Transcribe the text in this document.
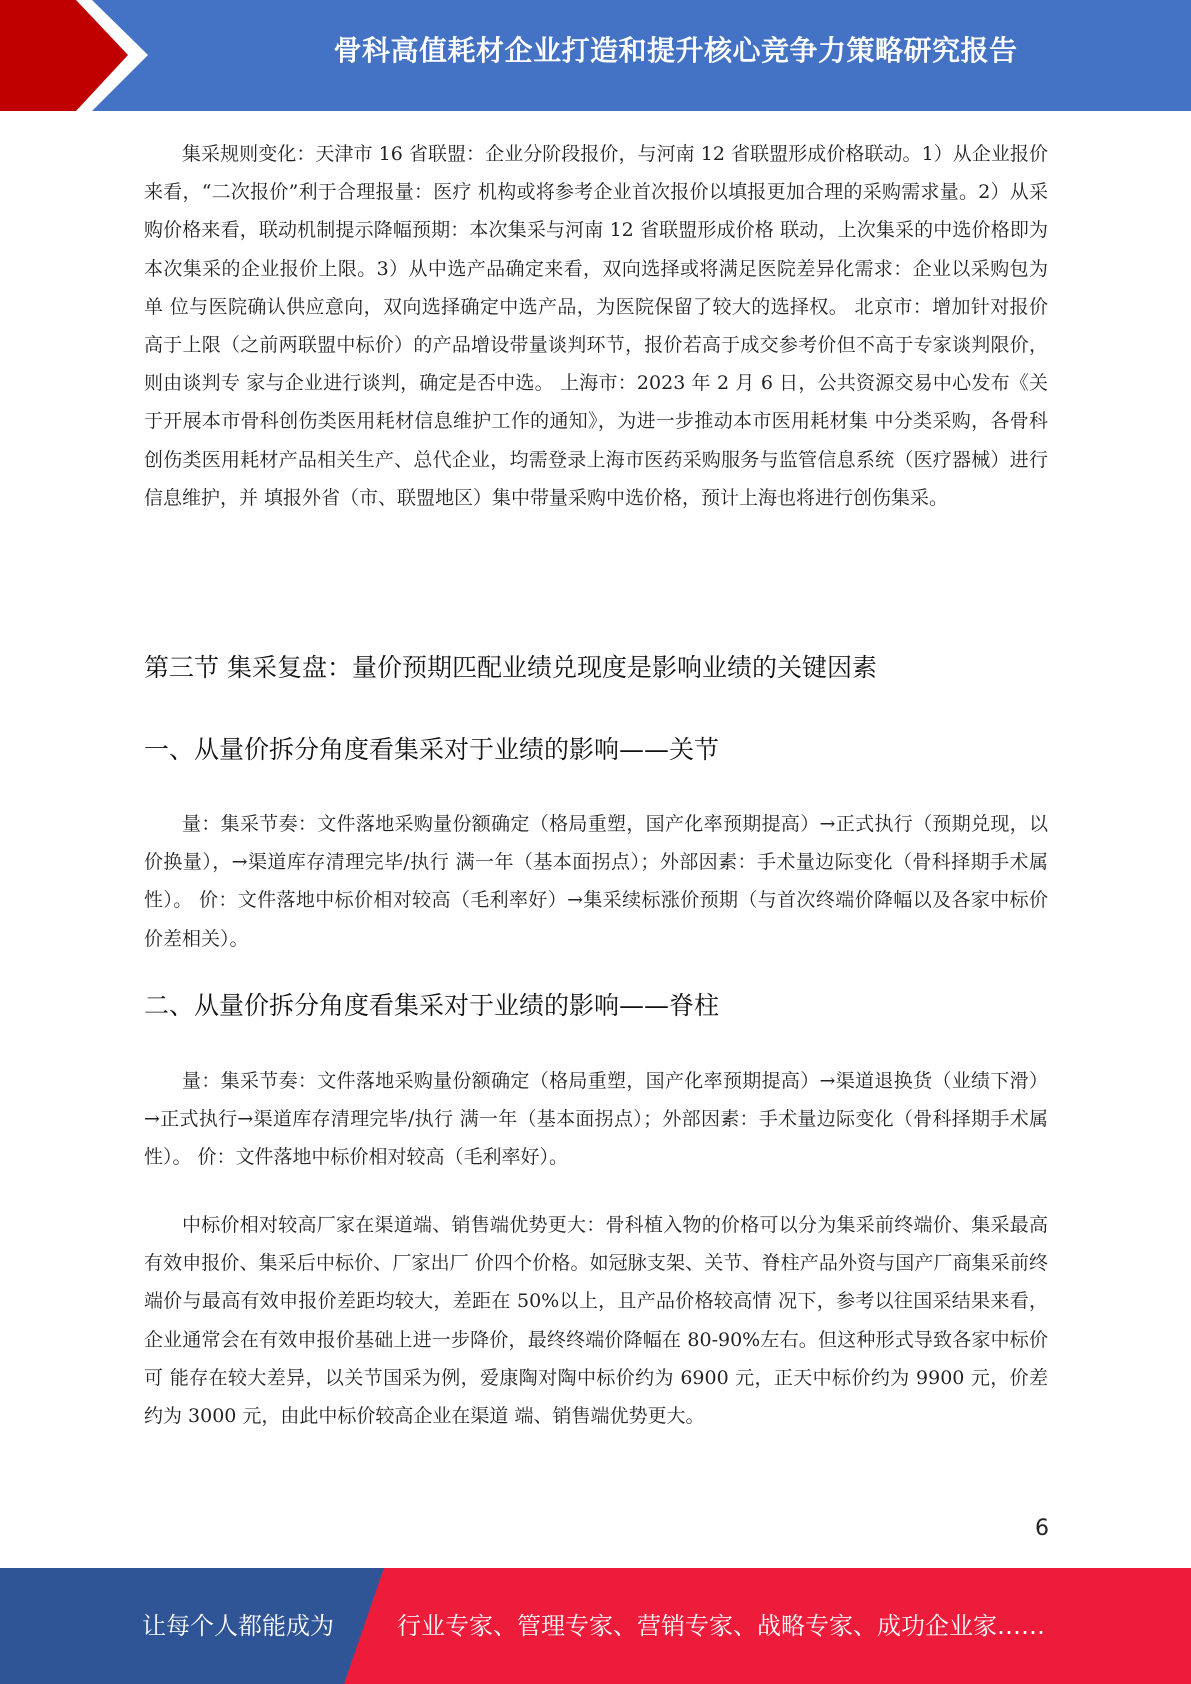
骨科高值耗材企业打造和提升核心竞争力策略研究报告

集采规则变化：天津市 16 省联盟：企业分阶段报价，与河南 12 省联盟形成价格联动。1）从企业报价来看，“二次报价”利于合理报量：医疗 机构或将参考企业首次报价以填报更加合理的采购需求量。2）从采购价格来看，联动机制提示降幅预期：本次集采与河南 12 省联盟形成价格 联动，上次集采的中选价格即为本次集采的企业报价上限。3）从中选产品确定来看，双向选择或将满足医院差异化需求：企业以采购包为单 位与医院确认供应意向，双向选择确定中选产品，为医院保留了较大的选择权。 北京市：增加针对报价高于上限（之前两联盟中标价）的产品增设带量谈判环节，报价若高于成交参考价但不高于专家谈判限价，则由谈判专 家与企业进行谈判，确定是否中选。 上海市：2023 年 2 月 6 日，公共资源交易中心发布《关于开展本市骨科创伤类医用耗材信息维护工作的通知》，为进一步推动本市医用耗材集 中分类采购，各骨科创伤类医用耗材产品相关生产、总代企业，均需登录上海市医药采购服务与监管信息系统（医疗器械）进行信息维护，并 填报外省（市、联盟地区）集中带量采购中选价格，预计上海也将进行创伤集采。

第三节 集采复盘：量价预期匹配业绩兑现度是影响业绩的关键因素
一、从量价拆分角度看集采对于业绩的影响——关节

量：集采节奏：文件落地采购量份额确定（格局重塑，国产化率预期提高）→正式执行（预期兑现，以价换量），→渠道库存清理完毕/执行 满一年（基本面拐点）；外部因素：手术量边际变化（骨科择期手术属性）。 价：文件落地中标价相对较高（毛利率好）→集采续标涨价预期（与首次终端价降幅以及各家中标价价差相关）。

二、从量价拆分角度看集采对于业绩的影响——脊柱

量：集采节奏：文件落地采购量份额确定（格局重塑，国产化率预期提高）→渠道退换货（业绩下滑）→正式执行→渠道库存清理完毕/执行 满一年（基本面拐点）；外部因素：手术量边际变化（骨科择期手术属性）。 价：文件落地中标价相对较高（毛利率好）。

中标价相对较高厂家在渠道端、销售端优势更大：骨科植入物的价格可以分为集采前终端价、集采最高有效申报价、集采后中标价、厂家出厂 价四个价格。如冠脉支架、关节、脊柱产品外资与国产厂商集采前终端价与最高有效申报价差距均较大，差距在 50%以上，且产品价格较高情 况下，参考以往国采结果来看，企业通常会在有效申报价基础上进一步降价，最终终端价降幅在 80-90%左右。但这种形式导致各家中标价可 能存在较大差异，以关节国采为例，爱康陶对陶中标价约为 6900 元，正天中标价约为 9900 元，价差约为 3000 元，由此中标价较高企业在渠道 端、销售端优势更大。

6
让每个人都能成为	行业专家、管理专家、营销专家、战略专家、成功企业家……
